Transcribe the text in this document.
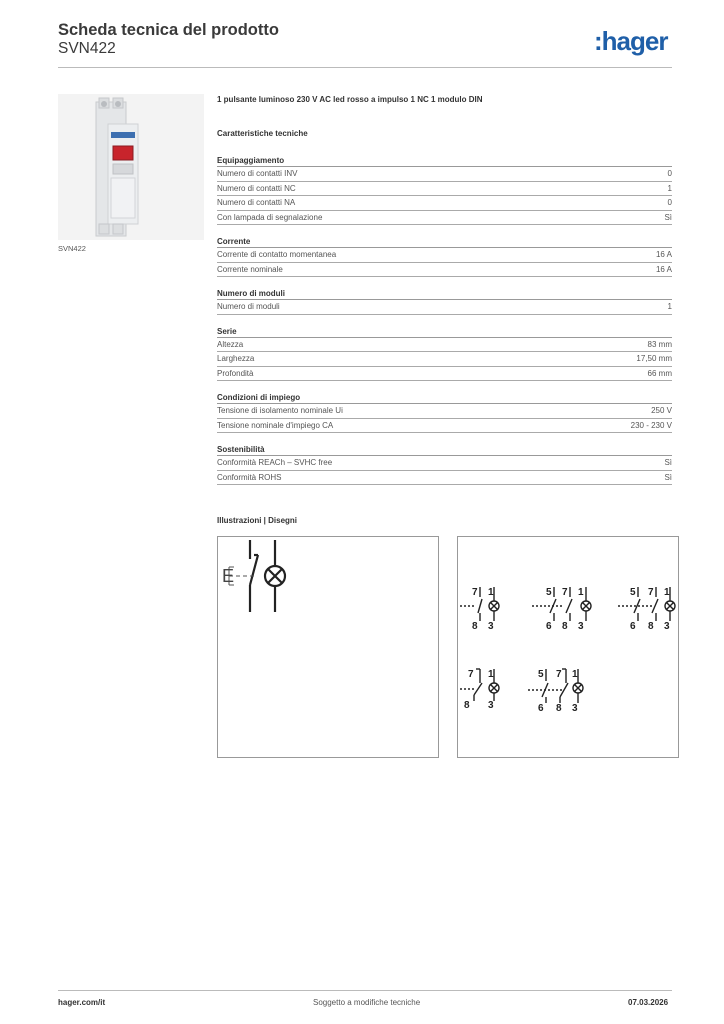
Scheda tecnica del prodotto
SVN422	:hager
SVN422
1 pulsante luminoso 230 V AC led rosso a impulso 1 NC 1 modulo DIN
Caratteristiche tecniche
Equipaggiamento
Numero di contatti INV	0
Numero di contatti NC	1
Numero di contatti NA	0
Con lampada di segnalazione	Sì
Corrente
Corrente di contatto momentanea	16 A
Corrente nominale	16 A
Numero di moduli
Numero di moduli	1
Serie
Altezza	83 mm
Larghezza	17,50 mm
Profondità	66 mm
Condizioni di impiego
Tensione di isolamento nominale Ui	250 V
Tensione nominale d'impiego CA	230 - 230 V
Sostenibilità
Conformità REACh – SVHC free	Sì
Conformità ROHS	Sì
Illustrazioni | Disegni
E
7 1
8 3
5 7 1
6 8 3
5 7 1
6 8 3
7 1
8 3
5 7 1
6 8 3
hager.com/it	Soggetto a modifiche tecniche	07.03.2026
